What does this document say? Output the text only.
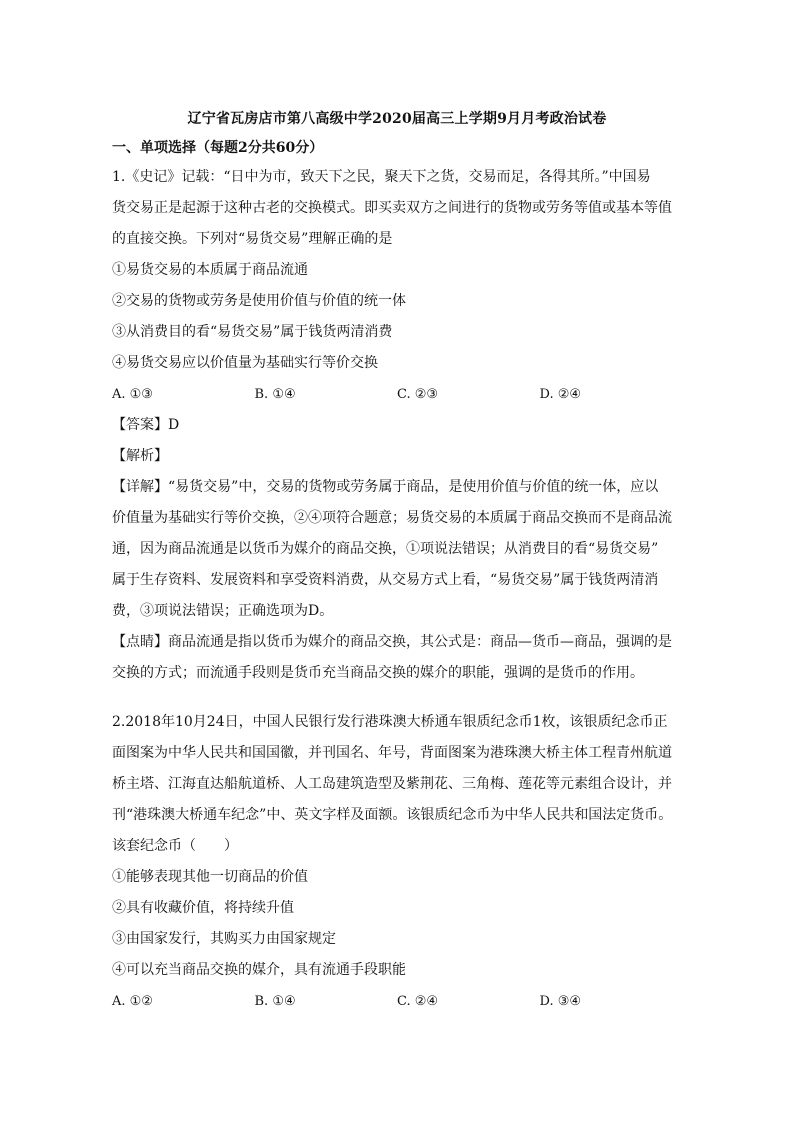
辽宁省瓦房店市第八高级中学2020届高三上学期9月月考政治试卷
一、单项选择（每题2分共60分）
1.《史记》记载：“日中为市，致天下之民，聚天下之货，交易而足，各得其所。”中国易
货交易正是起源于这种古老的交换模式。即买卖双方之间进行的货物或劳务等值或基本等值
的直接交换。下列对“易货交易”理解正确的是
①易货交易的本质属于商品流通
②交易的货物或劳务是使用价值与价值的统一体
③从消费目的看“易货交易”属于钱货两清消费
④易货交易应以价值量为基础实行等价交换
A. ①③	B. ①④	C. ②③	D. ②④
【答案】D
【解析】
【详解】“易货交易”中，交易的货物或劳务属于商品，是使用价值与价值的统一体，应以
价值量为基础实行等价交换，②④项符合题意；易货交易的本质属于商品交换而不是商品流
通，因为商品流通是以货币为媒介的商品交换，①项说法错误；从消费目的看“易货交易”
属于生存资料、发展资料和享受资料消费，从交易方式上看，“易货交易”属于钱货两清消
费，③项说法错误；正确选项为D。
【点睛】商品流通是指以货币为媒介的商品交换，其公式是：商品—货币—商品，强调的是
交换的方式；而流通手段则是货币充当商品交换的媒介的职能，强调的是货币的作用。
2.2018年10月24日，中国人民银行发行港珠澳大桥通车银质纪念币1枚，该银质纪念币正
面图案为中华人民共和国国徽，并刊国名、年号，背面图案为港珠澳大桥主体工程青州航道
桥主塔、江海直达船航道桥、人工岛建筑造型及紫荆花、三角梅、莲花等元素组合设计，并
刊“港珠澳大桥通车纪念”中、英文字样及面额。该银质纪念币为中华人民共和国法定货币。
该套纪念币（　　）
①能够表现其他一切商品的价值
②具有收藏价值，将持续升值
③由国家发行，其购买力由国家规定
④可以充当商品交换的媒介，具有流通手段职能
A. ①②	B. ①④	C. ②④	D. ③④
